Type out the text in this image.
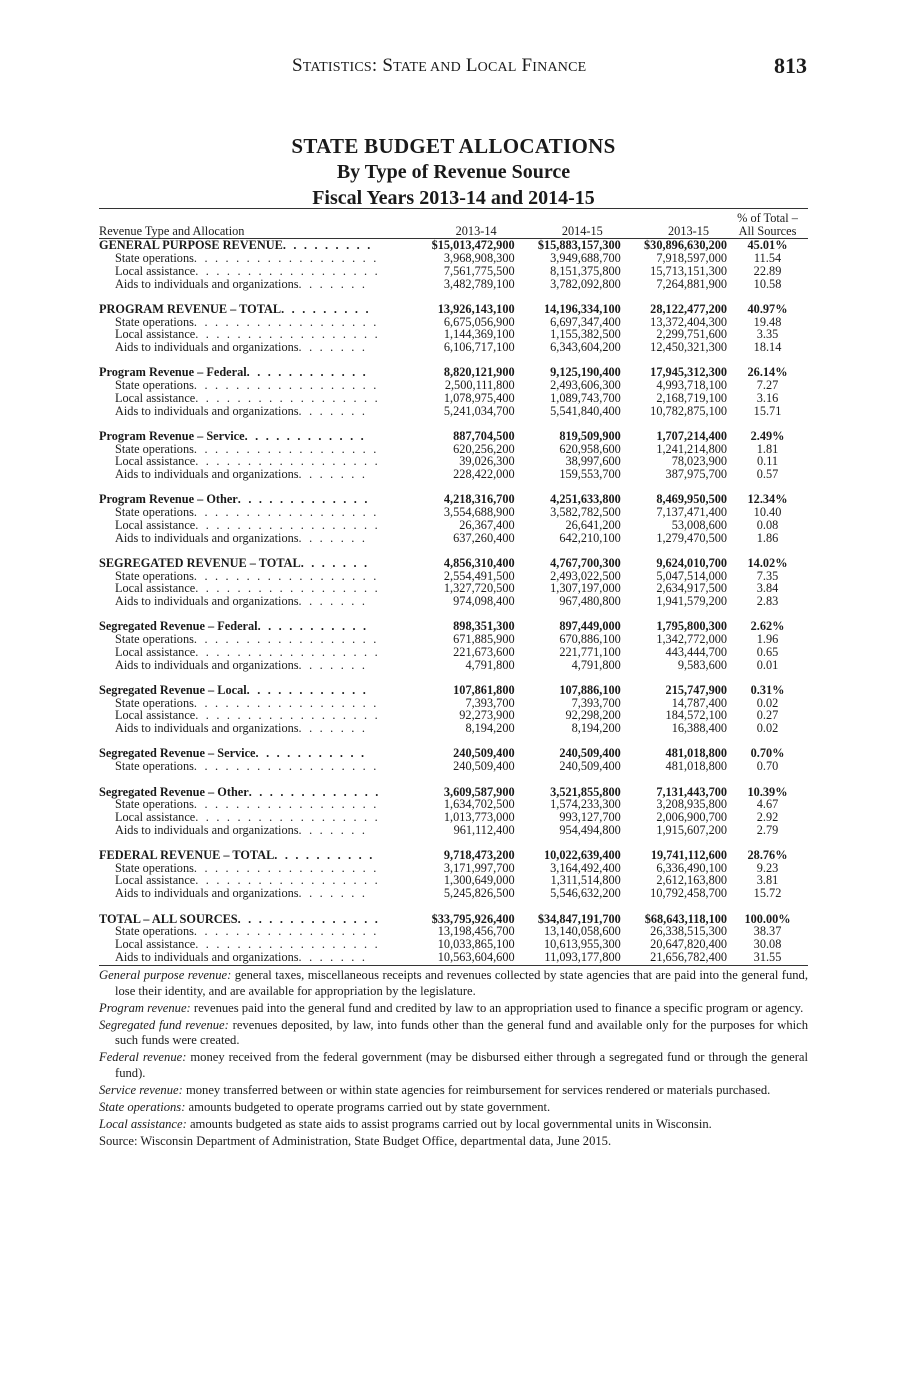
STATISTICS: STATE AND LOCAL FINANCE	813
STATE BUDGET ALLOCATIONS
By Type of Revenue Source
Fiscal Years 2013-14 and 2014-15
				% of Total –
Revenue Type and Allocation	2013-14	2014-15	2013-15	All Sources
GENERAL PURPOSE REVENUE. . . . . . . . .	$15,013,472,900	$15,883,157,300	$30,896,630,200	45.01%
State operations. . . . . . . . . . . . . . . . . .	3,968,908,300	3,949,688,700	7,918,597,000	11.54
Local assistance. . . . . . . . . . . . . . . . . .	7,561,775,500	8,151,375,800	15,713,151,300	22.89
Aids to individuals and organizations. . . . . . .	3,482,789,100	3,782,092,800	7,264,881,900	10.58

PROGRAM REVENUE – TOTAL. . . . . . . . .	13,926,143,100	14,196,334,100	28,122,477,200	40.97%
State operations. . . . . . . . . . . . . . . . . .	6,675,056,900	6,697,347,400	13,372,404,300	19.48
Local assistance. . . . . . . . . . . . . . . . . .	1,144,369,100	1,155,382,500	2,299,751,600	3.35
Aids to individuals and organizations. . . . . . .	6,106,717,100	6,343,604,200	12,450,321,300	18.14

Program Revenue – Federal. . . . . . . . . . . .	8,820,121,900	9,125,190,400	17,945,312,300	26.14%
State operations. . . . . . . . . . . . . . . . . .	2,500,111,800	2,493,606,300	4,993,718,100	7.27
Local assistance. . . . . . . . . . . . . . . . . .	1,078,975,400	1,089,743,700	2,168,719,100	3.16
Aids to individuals and organizations. . . . . . .	5,241,034,700	5,541,840,400	10,782,875,100	15.71

Program Revenue – Service. . . . . . . . . . . .	887,704,500	819,509,900	1,707,214,400	2.49%
State operations. . . . . . . . . . . . . . . . . .	620,256,200	620,958,600	1,241,214,800	1.81
Local assistance. . . . . . . . . . . . . . . . . .	39,026,300	38,997,600	78,023,900	0.11
Aids to individuals and organizations. . . . . . .	228,422,000	159,553,700	387,975,700	0.57

Program Revenue – Other. . . . . . . . . . . . .	4,218,316,700	4,251,633,800	8,469,950,500	12.34%
State operations. . . . . . . . . . . . . . . . . .	3,554,688,900	3,582,782,500	7,137,471,400	10.40
Local assistance. . . . . . . . . . . . . . . . . .	26,367,400	26,641,200	53,008,600	0.08
Aids to individuals and organizations. . . . . . .	637,260,400	642,210,100	1,279,470,500	1.86

SEGREGATED REVENUE – TOTAL. . . . . . .	4,856,310,400	4,767,700,300	9,624,010,700	14.02%
State operations. . . . . . . . . . . . . . . . . .	2,554,491,500	2,493,022,500	5,047,514,000	7.35
Local assistance. . . . . . . . . . . . . . . . . .	1,327,720,500	1,307,197,000	2,634,917,500	3.84
Aids to individuals and organizations. . . . . . .	974,098,400	967,480,800	1,941,579,200	2.83

Segregated Revenue – Federal. . . . . . . . . . .	898,351,300	897,449,000	1,795,800,300	2.62%
State operations. . . . . . . . . . . . . . . . . .	671,885,900	670,886,100	1,342,772,000	1.96
Local assistance. . . . . . . . . . . . . . . . . .	221,673,600	221,771,100	443,444,700	0.65
Aids to individuals and organizations. . . . . . .	4,791,800	4,791,800	9,583,600	0.01

Segregated Revenue – Local. . . . . . . . . . . .	107,861,800	107,886,100	215,747,900	0.31%
State operations. . . . . . . . . . . . . . . . . .	7,393,700	7,393,700	14,787,400	0.02
Local assistance. . . . . . . . . . . . . . . . . .	92,273,900	92,298,200	184,572,100	0.27
Aids to individuals and organizations. . . . . . .	8,194,200	8,194,200	16,388,400	0.02

Segregated Revenue – Service. . . . . . . . . . .	240,509,400	240,509,400	481,018,800	0.70%
State operations. . . . . . . . . . . . . . . . . .	240,509,400	240,509,400	481,018,800	0.70

Segregated Revenue – Other. . . . . . . . . . . . .	3,609,587,900	3,521,855,800	7,131,443,700	10.39%
State operations. . . . . . . . . . . . . . . . . .	1,634,702,500	1,574,233,300	3,208,935,800	4.67
Local assistance. . . . . . . . . . . . . . . . . .	1,013,773,000	993,127,700	2,006,900,700	2.92
Aids to individuals and organizations. . . . . . .	961,112,400	954,494,800	1,915,607,200	2.79

FEDERAL REVENUE – TOTAL. . . . . . . . . .	9,718,473,200	10,022,639,400	19,741,112,600	28.76%
State operations. . . . . . . . . . . . . . . . . .	3,171,997,700	3,164,492,400	6,336,490,100	9.23
Local assistance. . . . . . . . . . . . . . . . . .	1,300,649,000	1,311,514,800	2,612,163,800	3.81
Aids to individuals and organizations. . . . . . .	5,245,826,500	5,546,632,200	10,792,458,700	15.72

TOTAL – ALL SOURCES. . . . . . . . . . . . . .	$33,795,926,400	$34,847,191,700	$68,643,118,100	100.00%
State operations. . . . . . . . . . . . . . . . . .	13,198,456,700	13,140,058,600	26,338,515,300	38.37
Local assistance. . . . . . . . . . . . . . . . . .	10,033,865,100	10,613,955,300	20,647,820,400	30.08
Aids to individuals and organizations. . . . . . .	10,563,604,600	11,093,177,800	21,656,782,400	31.55

General purpose revenue: general taxes, miscellaneous receipts and revenues collected by state agencies that are paid into the general fund, lose their identity, and are available for appropriation by the legislature.

Program revenue: revenues paid into the general fund and credited by law to an appropriation used to finance a specific program or agency.

Segregated fund revenue: revenues deposited, by law, into funds other than the general fund and available only for the purposes for which such funds were created.

Federal revenue: money received from the federal government (may be disbursed either through a segregated fund or through the general fund).

Service revenue: money transferred between or within state agencies for reimbursement for services rendered or materials purchased.

State operations: amounts budgeted to operate programs carried out by state government.

Local assistance: amounts budgeted as state aids to assist programs carried out by local governmental units in Wisconsin.

Source: Wisconsin Department of Administration, State Budget Office, departmental data, June 2015.
